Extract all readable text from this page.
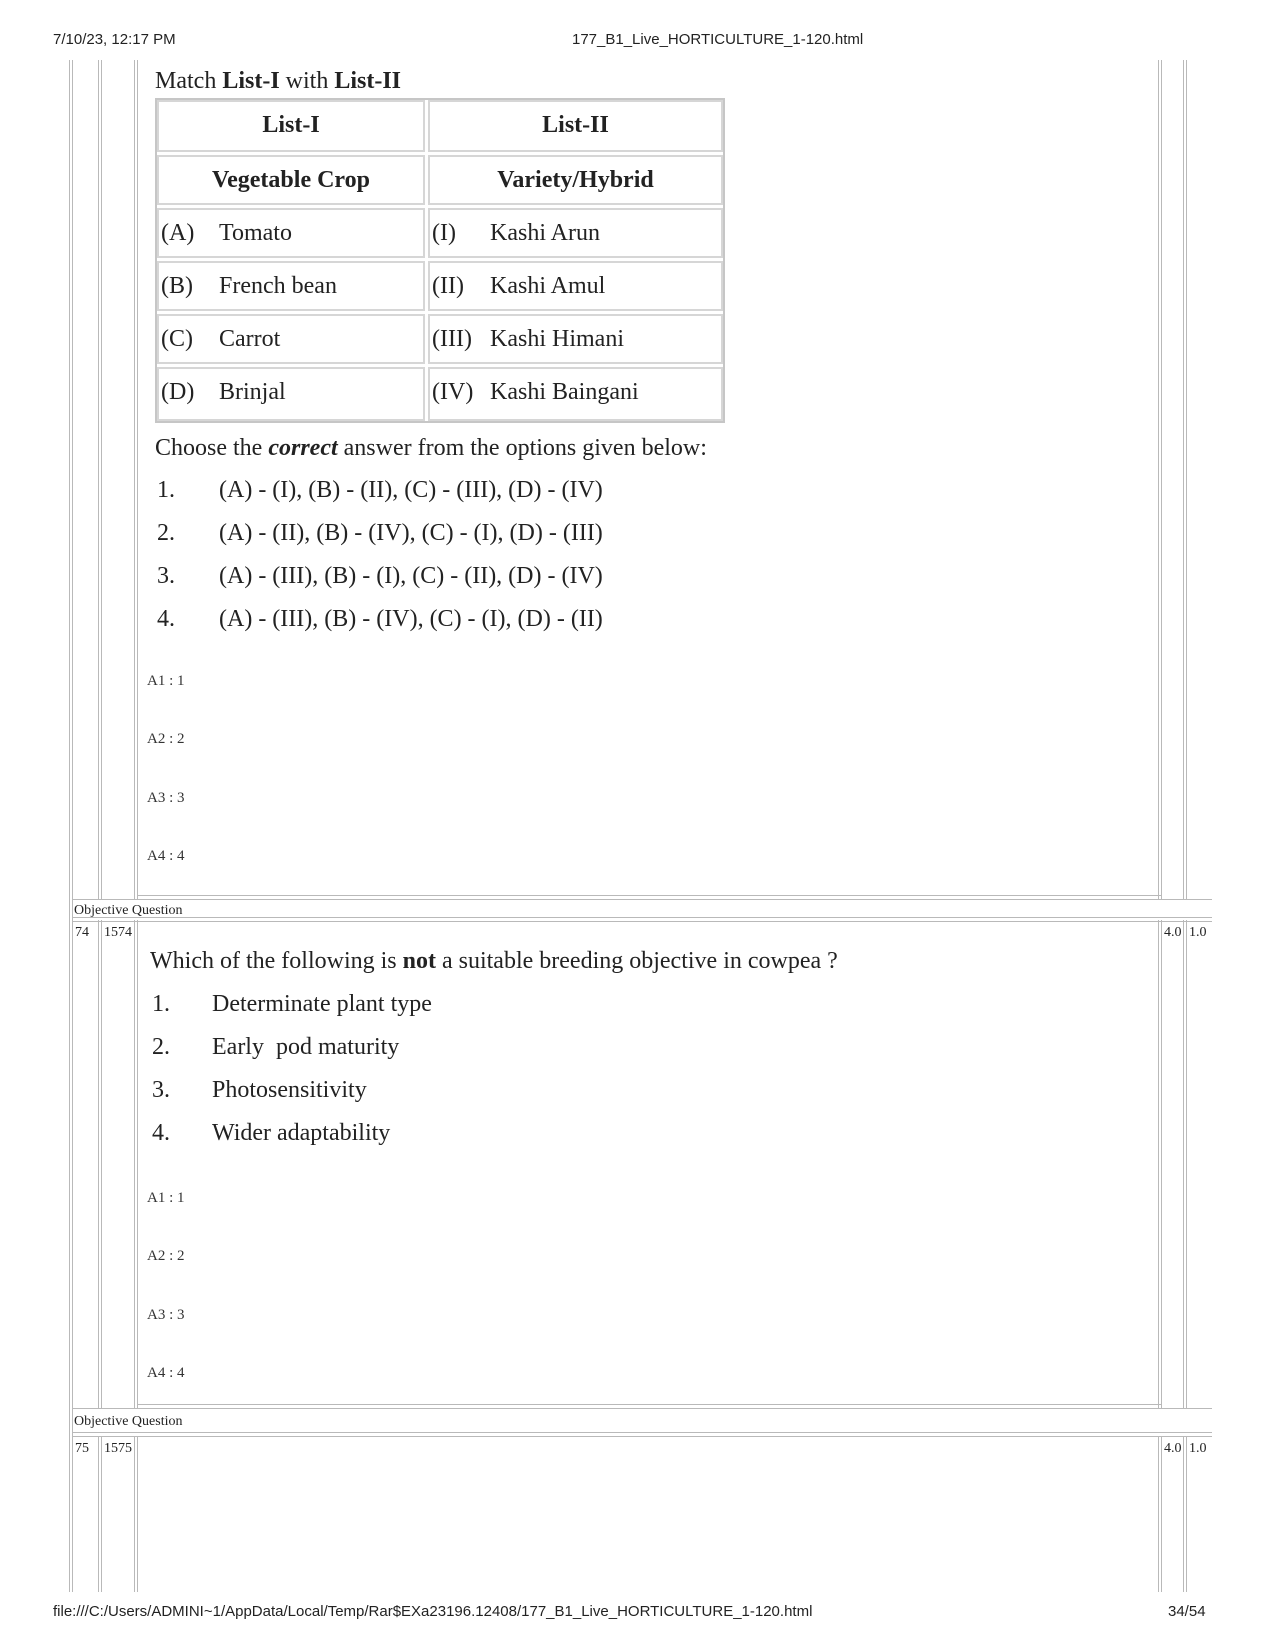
7/10/23, 12:17 PM	177_B1_Live_HORTICULTURE_1-120.html
file:///C:/Users/ADMINI~1/AppData/Local/Temp/Rar$EXa23196.12408/177_B1_Live_HORTICULTURE_1-120.html	34/54
Match List-I with List-II
List-I	List-II
Vegetable Crop	Variety/Hybrid
(A) Tomato	(I) Kashi Arun
(B) French bean	(II) Kashi Amul
(C) Carrot	(III) Kashi Himani
(D) Brinjal	(IV) Kashi Baingani
Choose the correct answer from the options given below:
1. (A) - (I), (B) - (II), (C) - (III), (D) - (IV)
2. (A) - (II), (B) - (IV), (C) - (I), (D) - (III)
3. (A) - (III), (B) - (I), (C) - (II), (D) - (IV)
4. (A) - (III), (B) - (IV), (C) - (I), (D) - (II)
A1 : 1
A2 : 2
A3 : 3
A4 : 4
Objective Question
74 1574	4.0 1.0
Which of the following is not a suitable breeding objective in cowpea ?
1. Determinate plant type
2. Early  pod maturity
3. Photosensitivity
4. Wider adaptability
A1 : 1
A2 : 2
A3 : 3
A4 : 4
Objective Question
75 1575	4.0 1.0
